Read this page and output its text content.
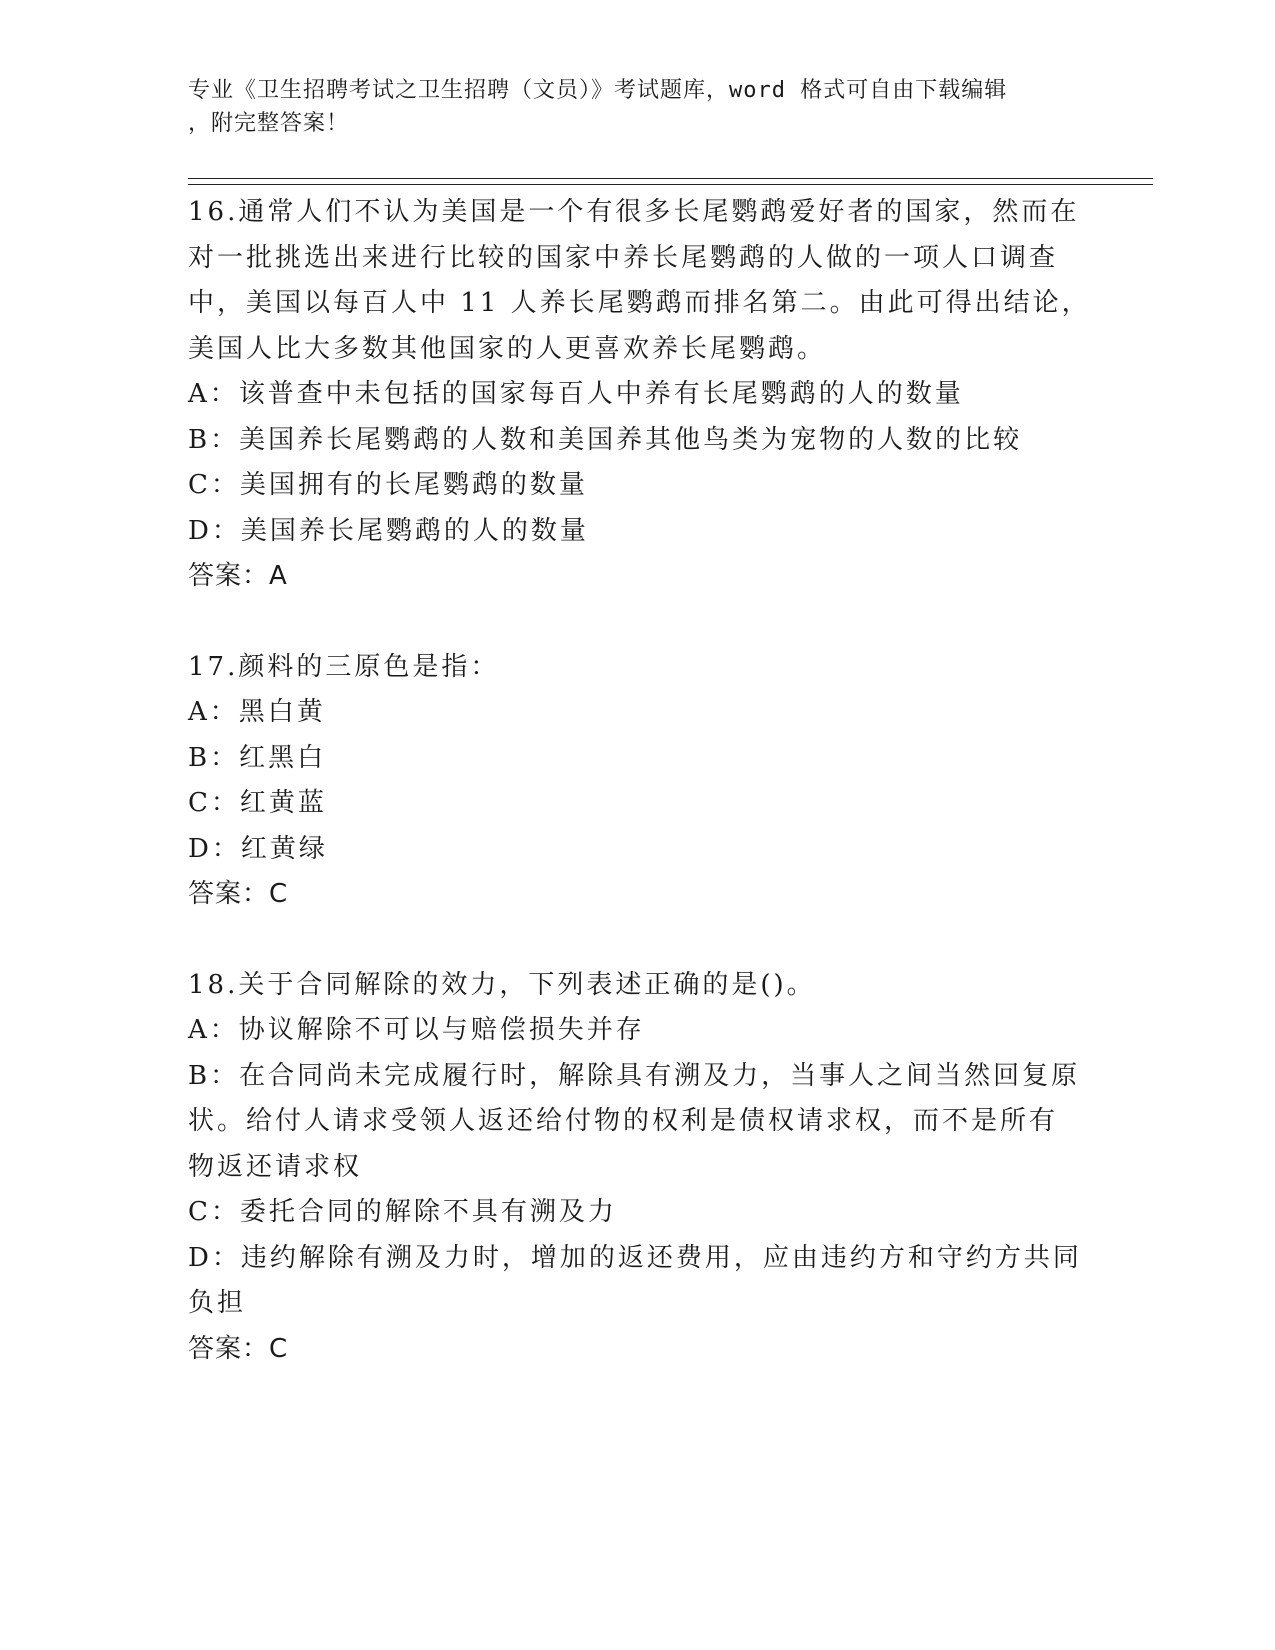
专业《卫生招聘考试之卫生招聘（文员）》考试题库，word 格式可自由下载编辑
，附完整答案！
16.通常人们不认为美国是一个有很多长尾鹦鹉爱好者的国家，然而在
对一批挑选出来进行比较的国家中养长尾鹦鹉的人做的一项人口调查
中，美国以每百人中 11 人养长尾鹦鹉而排名第二。由此可得出结论，
美国人比大多数其他国家的人更喜欢养长尾鹦鹉。
A：该普查中未包括的国家每百人中养有长尾鹦鹉的人的数量
B：美国养长尾鹦鹉的人数和美国养其他鸟类为宠物的人数的比较
C：美国拥有的长尾鹦鹉的数量
D：美国养长尾鹦鹉的人的数量
答案：A
17.颜料的三原色是指：
A：黑白黄
B：红黑白
C：红黄蓝
D：红黄绿
答案：C
18.关于合同解除的效力，下列表述正确的是()。
A：协议解除不可以与赔偿损失并存
B：在合同尚未完成履行时，解除具有溯及力，当事人之间当然回复原
状。给付人请求受领人返还给付物的权利是债权请求权，而不是所有
物返还请求权
C：委托合同的解除不具有溯及力
D：违约解除有溯及力时，增加的返还费用，应由违约方和守约方共同
负担
答案：C
